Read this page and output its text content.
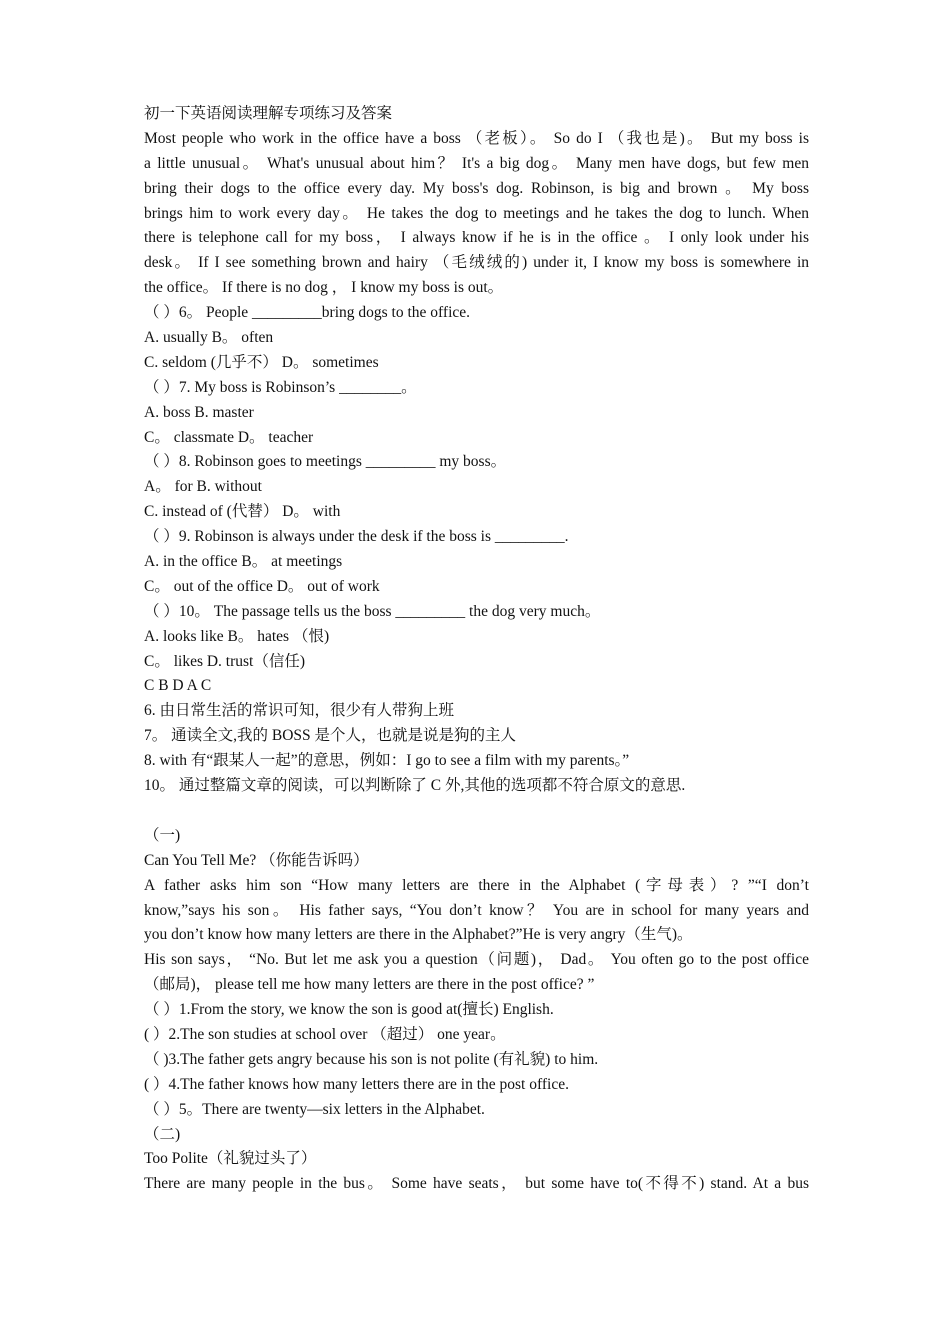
初一下英语阅读理解专项练习及答案
Most people who work in the office have a boss （老板）。 So do I （我也是)。 But my boss is
a little unusual。 What's unusual about him？ It's a big dog。 Many men have dogs, but few men
bring their dogs to the office every day. My boss's dog. Robinson, is big and brown 。 My boss
brings him to work every day。 He takes the dog to meetings and he takes the dog to lunch. When
there is telephone call for my boss， I always know if he is in the office 。 I only look under his
desk。 If I see something brown and hairy （毛绒绒的) under it, I know my boss is somewhere in
the office。 If there is no dog ， I know my boss is out。
（ ）6。 People _________bring dogs to the office.
A. usually B。 often
C. seldom (几乎不） D。 sometimes
（ ）7. My boss is Robinson’s ________。
A. boss B. master
C。 classmate D。 teacher
（ ）8. Robinson goes to meetings _________ my boss。
A。 for B. without
C. instead of (代替） D。 with
（ ）9. Robinson is always under the desk if the boss is _________.
A. in the office B。 at meetings
C。 out of the office D。 out of work
（ ）10。 The passage tells us the boss _________ the dog very much。
A. looks like B。 hates （恨)
C。 likes D. trust（信任)
C B D A C
6. 由日常生活的常识可知，很少有人带狗上班
7。 通读全文,我的 BOSS 是个人，也就是说是狗的主人
8. with 有“跟某人一起”的意思，例如：I go to see a film with my parents。”
10。 通过整篇文章的阅读，可以判断除了 C 外,其他的选项都不符合原文的意思.
（一)
Can You Tell Me? （你能告诉吗）
A father asks him son “How many letters are there in the Alphabet (字母表）? ”“I don’t
know,”says his son。 His father says, “You don’t know？ You are in school for many years and
you don’t know how many letters are there in the Alphabet?”He is very angry（生气)。
His son says， “No. But let me ask you a question（问题)， Dad。 You often go to the post office
（邮局)， please tell me how many letters are there in the post office? ”
（ ）1.From the story, we know the son is good at(擅长) English.
( ）2.The son studies at school over （超过） one year。
（ )3.The father gets angry because his son is not polite (有礼貌) to him.
( ）4.The father knows how many letters there are in the post office.
（ ）5。There are twenty—six letters in the Alphabet.
（二)
Too Polite（礼貌过头了）
There are many people in the bus。 Some have seats， but some have to(不得不) stand. At a bus
